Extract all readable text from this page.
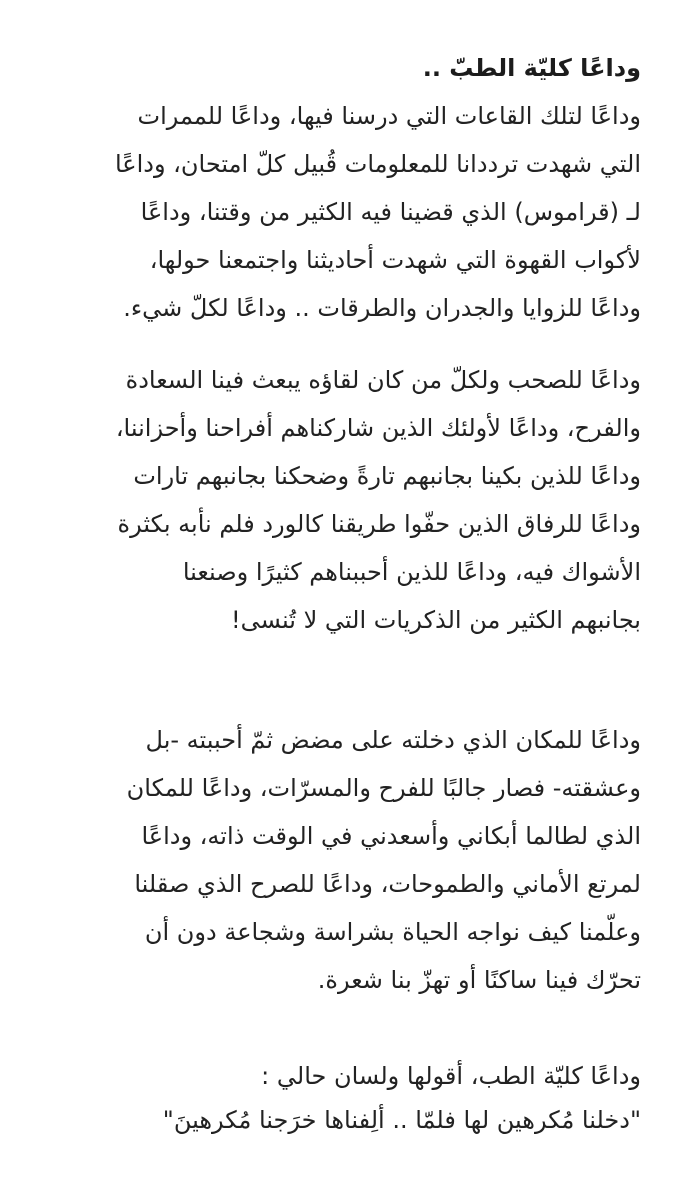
وداعًا كليّة الطبّ ..
وداعًا لتلك القاعات التي درسنا فيها، وداعًا للممرات
التي شهدت ترددانا للمعلومات قُبيل كلّ امتحان، وداعًا
لـ (قراموس) الذي قضينا فيه الكثير من وقتنا، وداعًا
لأكواب القهوة التي شهدت أحاديثنا واجتمعنا حولها،
وداعًا للزوايا والجدران والطرقات .. وداعًا لكلّ شيء.
وداعًا للصحب ولكلّ من كان لقاؤه يبعث فينا السعادة
والفرح، وداعًا لأولئك الذين شاركناهم أفراحنا وأحزاننا،
وداعًا للذين بكينا بجانبهم تارةً وضحكنا بجانبهم تارات
وداعًا للرفاق الذين حفّوا طريقنا كالورد فلم نأبه بكثرة
الأشواك فيه، وداعًا للذين أحببناهم كثيرًا وصنعنا
بجانبهم الكثير من الذكريات التي لا تُنسى!
وداعًا للمكان الذي دخلته على مضض ثمّ أحببته -بل
وعشقته- فصار جالبًا للفرح والمسرّات، وداعًا للمكان
الذي لطالما أبكاني وأسعدني في الوقت ذاته، وداعًا
لمرتع الأماني والطموحات، وداعًا للصرح الذي صقلنا
وعلّمنا كيف نواجه الحياة بشراسة وشجاعة دون أن
تحرّك فينا ساكنًا أو تهزّ بنا شعرة.
وداعًا كليّة الطب، أقولها ولسان حالي :
"دخلنا مُكرهين لها فلمّا .. ألِفناها خرَجنا مُكرهينَ"
